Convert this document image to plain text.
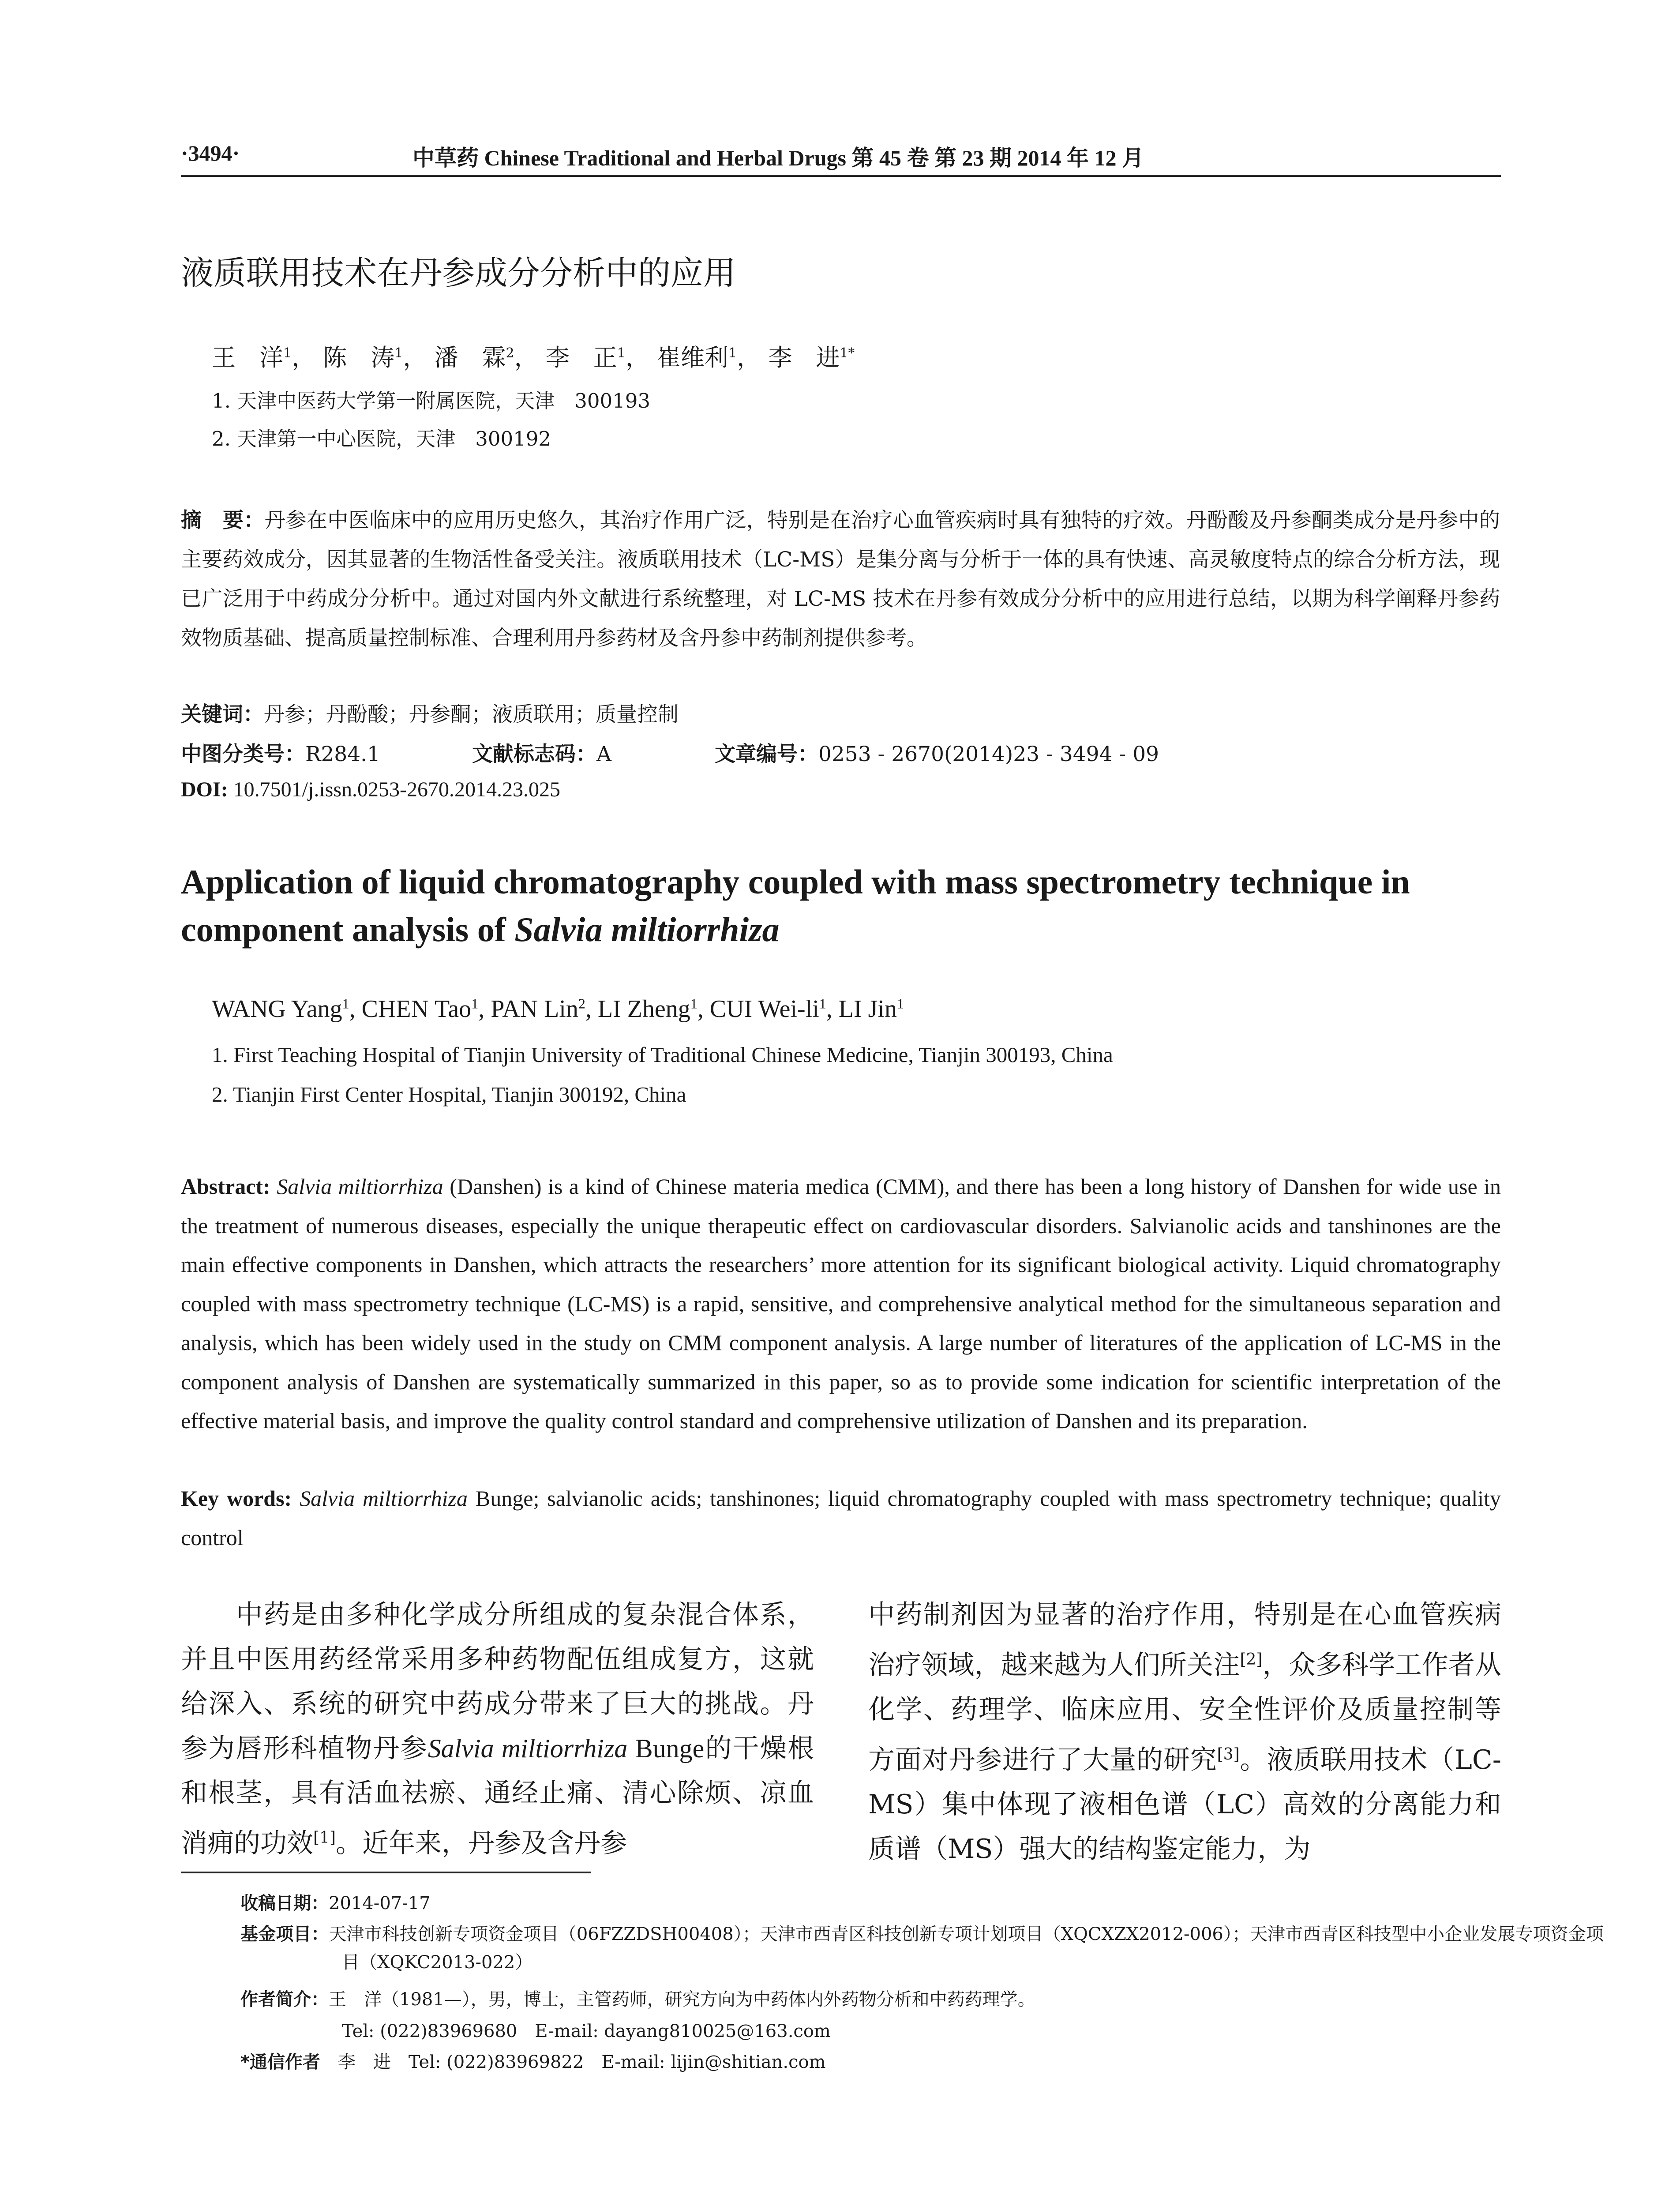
·3494·	中草药 Chinese Traditional and Herbal Drugs 第 45 卷 第 23 期 2014 年 12 月
液质联用技术在丹参成分分析中的应用
王　洋$^1$， 陈　涛$^1$， 潘　霖$^2$， 李　正$^1$， 崔维利$^1$， 李　进$^{1*}$
1. 天津中医药大学第一附属医院，天津　300193
2. 天津第一中心医院，天津　300192
摘　要：丹参在中医临床中的应用历史悠久，其治疗作用广泛，特别是在治疗心血管疾病时具有独特的疗效。丹酚酸及丹参酮类成分是丹参中的主要药效成分，因其显著的生物活性备受关注。液质联用技术（LC-MS）是集分离与分析于一体的具有快速、高灵敏度特点的综合分析方法，现已广泛用于中药成分分析中。通过对国内外文献进行系统整理，对 LC-MS 技术在丹参有效成分分析中的应用进行总结，以期为科学阐释丹参药效物质基础、提高质量控制标准、合理利用丹参药材及含丹参中药制剂提供参考。
关键词：丹参；丹酚酸；丹参酮；液质联用；质量控制
中图分类号：R284.1	文献标志码：A	文章编号：0253 - 2670(2014)23 - 3494 - 09
DOI: 10.7501/j.issn.0253-2670.2014.23.025
Application of liquid chromatography coupled with mass spectrometry technique in component analysis of Salvia miltiorrhiza
WANG Yang$^1$, CHEN Tao$^1$, PAN Lin$^2$, LI Zheng$^1$, CUI Wei-$li^1$, LI Jin$^1$
1. First Teaching Hospital of Tianjin University of Traditional Chinese Medicine, Tianjin 300193, China
2. Tianjin First Center Hospital, Tianjin 300192, China
Abstract: Salvia miltiorrhiza (Danshen) is a kind of Chinese materia medica (CMM), and there has been a long history of Danshen for wide use in the treatment of numerous diseases, especially the unique therapeutic effect on cardiovascular disorders. Salvianolic acids and tanshinones are the main effective components in Danshen, which attracts the researchers’ more attention for its significant biological activity. Liquid chromatography coupled with mass spectrometry technique (LC-MS) is a rapid, sensitive, and comprehensive analytical method for the simultaneous separation and analysis, which has been widely used in the study on CMM component analysis. A large number of literatures of the application of LC-MS in the component analysis of Danshen are systematically summarized in this paper, so as to provide some indication for scientific interpretation of the effective material basis, and improve the quality control standard and comprehensive utilization of Danshen and its preparation.
Key words: Salvia miltiorrhiza Bunge; salvianolic acids; tanshinones; liquid chromatography coupled with mass spectrometry technique; quality control
　　中药是由多种化学成分所组成的复杂混合体系，并且中医用药经常采用多种药物配伍组成复方，这就给深入、系统的研究中药成分带来了巨大的挑战。丹参为唇形科植物丹参Salvia miltiorrhiza Bunge的干燥根和根茎，具有活血祛瘀、通经止痛、清心除烦、凉血消痈的功效[1]。近年来，丹参及含丹参
中药制剂因为显著的治疗作用，特别是在心血管疾病治疗领域，越来越为人们所关注[2]，众多科学工作者从化学、药理学、临床应用、安全性评价及质量控制等方面对丹参进行了大量的研究[3]。液质联用技术（LC-MS）集中体现了液相色谱（LC）高效的分离能力和质谱（MS）强大的结构鉴定能力，为
收稿日期：2014-07-17
基金项目：天津市科技创新专项资金项目（06FZZDSH00408）；天津市西青区科技创新专项计划项目（XQCXZX2012-006）；天津市西青区科技型中小企业发展专项资金项目（XQKC2013-022）
作者简介：王　洋（1981—），男，博士，主管药师，研究方向为中药体内外药物分析和中药药理学。
Tel: (022)83969680　E-mail: dayang810025@163.com
*通信作者　 李　进　Tel: (022)83969822　E-mail: lijin@shitian.com
